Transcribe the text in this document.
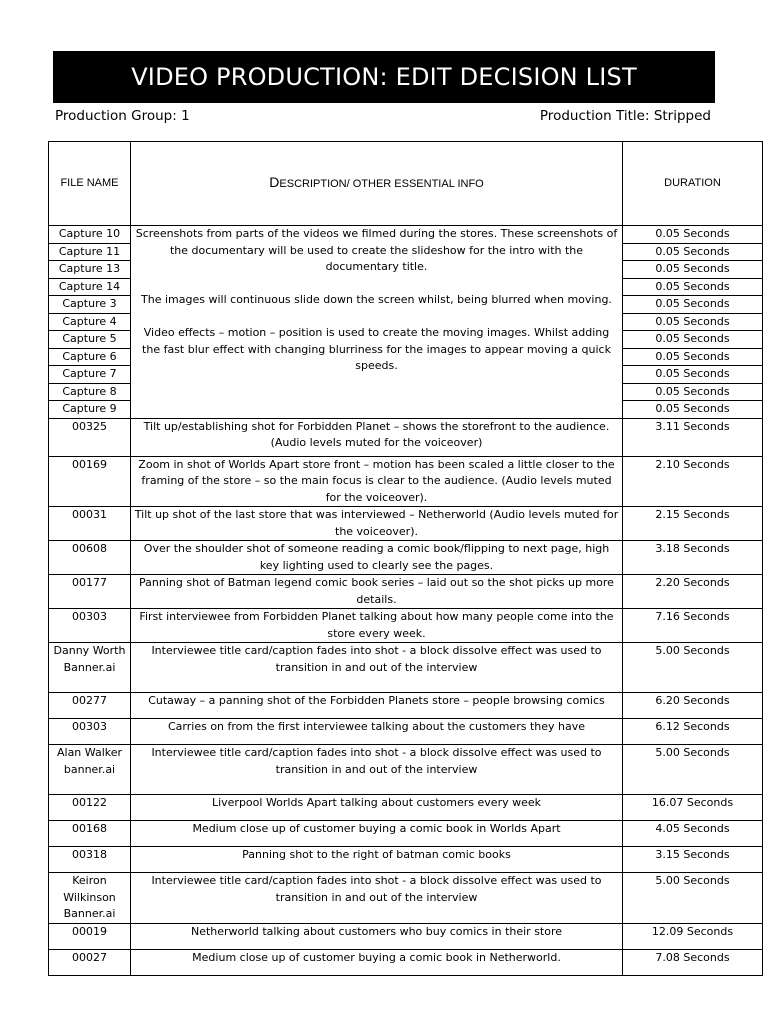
VIDEO PRODUCTION: EDIT DECISION LIST
Production Group: 1	Production Title: Stripped
FILE NAME	DESCRIPTION/ OTHER ESSENTIAL INFO	DURATION
Capture 10	Screenshots from parts of the videos we filmed during the stores. These screenshots of the documentary will be used to create the slideshow for the intro with the documentary title.

The images will continuous slide down the screen whilst, being blurred when moving.

Video effects – motion – position is used to create the moving images. Whilst adding the fast blur effect with changing blurriness for the images to appear moving a quick speeds.	0.05 Seconds
Capture 11		0.05 Seconds
Capture 13		0.05 Seconds
Capture 14		0.05 Seconds
Capture 3		0.05 Seconds
Capture 4		0.05 Seconds
Capture 5		0.05 Seconds
Capture 6		0.05 Seconds
Capture 7		0.05 Seconds
Capture 8		0.05 Seconds
Capture 9		0.05 Seconds
00325	Tilt up/establishing shot for Forbidden Planet – shows the storefront to the audience. (Audio levels muted for the voiceover)	3.11 Seconds
00169	Zoom in shot of Worlds Apart store front – motion has been scaled a little closer to the framing of the store – so the main focus is clear to the audience. (Audio levels muted for the voiceover).	2.10 Seconds
00031	Tilt up shot of the last store that was interviewed – Netherworld (Audio levels muted for the voiceover).	2.15 Seconds
00608	Over the shoulder shot of someone reading a comic book/flipping to next page, high key lighting used to clearly see the pages.	3.18 Seconds
00177	Panning shot of Batman legend comic book series – laid out so the shot picks up more details.	2.20 Seconds
00303	First interviewee from Forbidden Planet talking about how many people come into the store every week.	7.16 Seconds
Danny Worth Banner.ai	Interviewee title card/caption fades into shot - a block dissolve effect was used to transition in and out of the interview	5.00 Seconds
00277	Cutaway – a panning shot of the Forbidden Planets store – people browsing comics	6.20 Seconds
00303	Carries on from the first interviewee talking about the customers they have	6.12 Seconds
Alan Walker banner.ai	Interviewee title card/caption fades into shot - a block dissolve effect was used to transition in and out of the interview	5.00 Seconds
00122	Liverpool Worlds Apart talking about customers every week	16.07 Seconds
00168	Medium close up of customer buying a comic book in Worlds Apart	4.05 Seconds
00318	Panning shot to the right of batman comic books	3.15 Seconds
Keiron Wilkinson Banner.ai	Interviewee title card/caption fades into shot - a block dissolve effect was used to transition in and out of the interview	5.00 Seconds
00019	Netherworld talking about customers who buy comics in their store	12.09 Seconds
00027	Medium close up of customer buying a comic book in Netherworld.	7.08 Seconds
